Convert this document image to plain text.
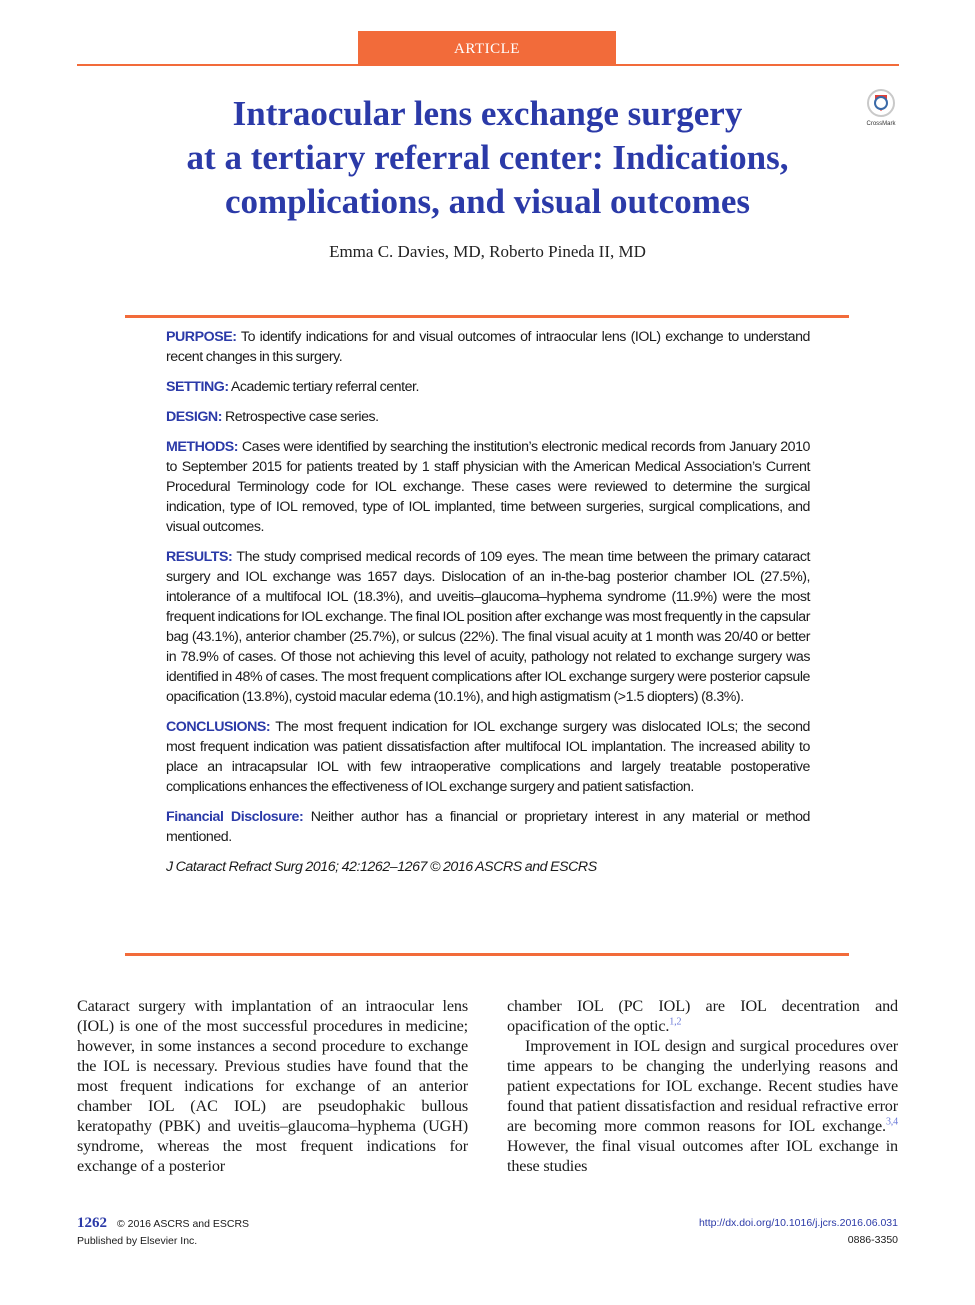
ARTICLE
Intraocular lens exchange surgery
at a tertiary referral center: Indications,
complications, and visual outcomes
CrossMark
Emma C. Davies, MD, Roberto Pineda II, MD

PURPOSE: To identify indications for and visual outcomes of intraocular lens (IOL) exchange to understand recent changes in this surgery.

SETTING: Academic tertiary referral center.

DESIGN: Retrospective case series.

METHODS: Cases were identified by searching the institution’s electronic medical records from January 2010 to September 2015 for patients treated by 1 staff physician with the American Medical Association’s Current Procedural Terminology code for IOL exchange. These cases were reviewed to determine the surgical indication, type of IOL removed, type of IOL implanted, time between surgeries, surgical complications, and visual outcomes.

RESULTS: The study comprised medical records of 109 eyes. The mean time between the primary cataract surgery and IOL exchange was 1657 days. Dislocation of an in-the-bag posterior chamber IOL (27.5%), intolerance of a multifocal IOL (18.3%), and uveitis–glaucoma–hyphema syndrome (11.9%) were the most frequent indications for IOL exchange. The final IOL position after exchange was most frequently in the capsular bag (43.1%), anterior chamber (25.7%), or sulcus (22%). The final visual acuity at 1 month was 20/40 or better in 78.9% of cases. Of those not achieving this level of acuity, pathology not related to exchange surgery was identified in 48% of cases. The most frequent complications after IOL exchange surgery were posterior capsule opacification (13.8%), cystoid macular edema (10.1%), and high astigmatism (>1.5 diopters) (8.3%).

CONCLUSIONS: The most frequent indication for IOL exchange surgery was dislocated IOLs; the second most frequent indication was patient dissatisfaction after multifocal IOL implantation. The increased ability to place an intracapsular IOL with few intraoperative complications and largely treatable postoperative complications enhances the effectiveness of IOL exchange surgery and patient satisfaction.

Financial Disclosure: Neither author has a financial or proprietary interest in any material or method mentioned.

J Cataract Refract Surg 2016; 42:1262–1267 © 2016 ASCRS and ESCRS

Cataract surgery with implantation of an intraocular lens (IOL) is one of the most successful procedures in medicine; however, in some instances a second procedure to exchange the IOL is necessary. Previous studies have found that the most frequent indications for exchange of an anterior chamber IOL (AC IOL) are pseudophakic bullous keratopathy (PBK) and uveitis–glaucoma–hyphema (UGH) syndrome, whereas the most frequent indications for exchange of a posterior

chamber IOL (PC IOL) are IOL decentration and opacification of the optic.$^{1,2}$

Improvement in IOL design and surgical procedures over time appears to be changing the underlying reasons and patient expectations for IOL exchange. Recent studies have found that patient dissatisfaction and residual refractive error are becoming more common reasons for IOL exchange.$^{3,4}$ However, the final visual outcomes after IOL exchange in these studies

1262 © 2016 ASCRS and ESCRS
Published by Elsevier Inc.
http://dx.doi.org/10.1016/j.jcrs.2016.06.031
0886-3350
